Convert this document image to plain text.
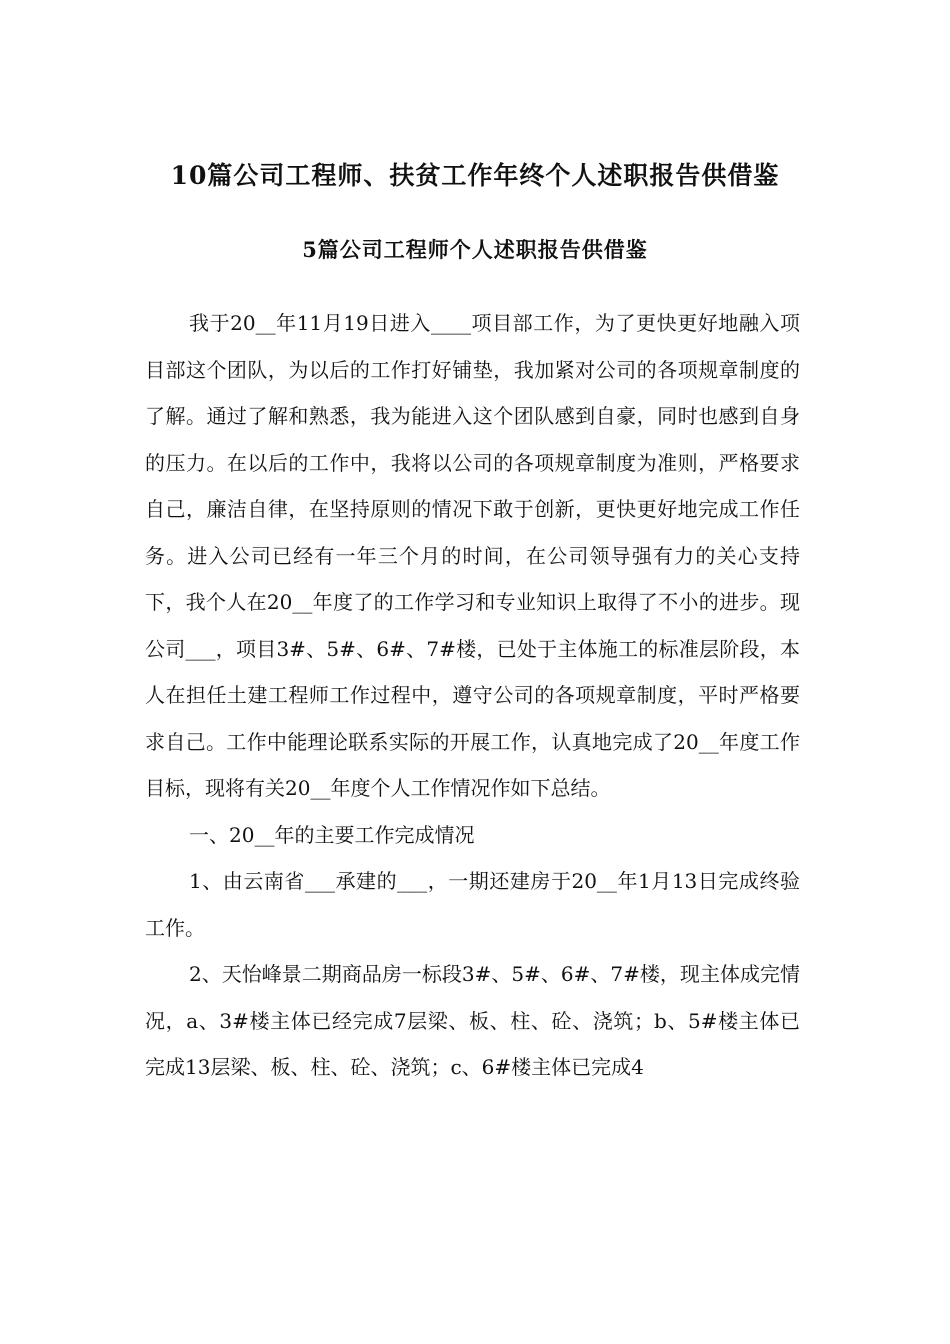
10篇公司工程师、扶贫工作年终个人述职报告供借鉴
5篇公司工程师个人述职报告供借鉴

我于20__年11月19日进入____项目部工作，为了更快更好地融入项目部这个团队，为以后的工作打好铺垫，我加紧对公司的各项规章制度的了解。通过了解和熟悉，我为能进入这个团队感到自豪，同时也感到自身的压力。在以后的工作中，我将以公司的各项规章制度为准则，严格要求自己，廉洁自律，在坚持原则的情况下敢于创新，更快更好地完成工作任务。进入公司已经有一年三个月的时间，在公司领导强有力的关心支持下，我个人在20__年度了的工作学习和专业知识上取得了不小的进步。现公司___，项目3#、5#、6#、7#楼，已处于主体施工的标准层阶段，本人在担任土建工程师工作过程中，遵守公司的各项规章制度，平时严格要求自己。工作中能理论联系实际的开展工作，认真地完成了20__年度工作目标，现将有关20__年度个人工作情况作如下总结。

一、20__年的主要工作完成情况

1、由云南省___承建的___，一期还建房于20__年1月13日完成终验工作。

2、天怡峰景二期商品房一标段3#、5#、6#、7#楼，现主体成完情况，a、3#楼主体已经完成7层梁、板、柱、砼、浇筑；b、5#楼主体已完成13层梁、板、柱、砼、浇筑；c、6#楼主体已完成4
